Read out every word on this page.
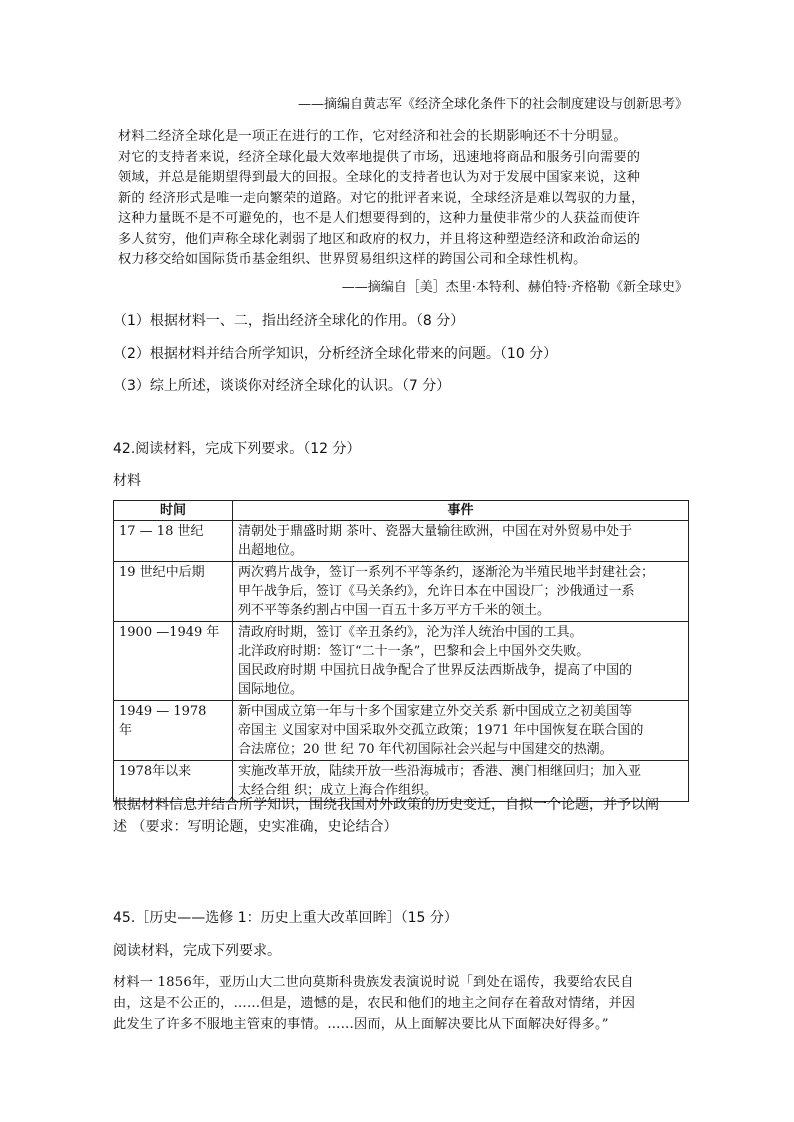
——摘编自黄志军《经济全球化条件下的社会制度建设与创新思考》
材料二经济全球化是一项正在进行的工作，它对经济和社会的长期影响还不十分明显。
对它的支持者来说，经济全球化最大效率地提供了市场，迅速地将商品和服务引向需要的
领域，并总是能期望得到最大的回报。全球化的支持者也认为对于发展中国家来说，这种
新的 经济形式是唯一走向繁荣的道路。对它的批评者来说，全球经济是难以驾驭的力量，
这种力量既不是不可避免的，也不是人们想要得到的，这种力量使非常少的人获益而使许
多人贫穷，他们声称全球化剥弱了地区和政府的权力，并且将这种塑造经济和政治命运的
权力移交给如国际货币基金组织、世界贸易组织这样的跨国公司和全球性机构。
——摘编自［美］杰里·本特利、赫伯特·齐格勒《新全球史》
（1）根据材料一、二，指出经济全球化的作用。（8 分）
（2）根据材料并结合所学知识，分析经济全球化带来的问题。（10 分）
（3）综上所述，谈谈你对经济全球化的认识。（7 分）
42.阅读材料，完成下列要求。（12 分）
材料
时间	事件

17 — 18 世纪	清朝处于鼎盛时期 茶叶、瓷器大量输往欧洲，中国在对外贸易中处于
出超地位。

19 世纪中后期	两次鸦片战争，签订一系列不平等条约，逐渐沦为半殖民地半封建社会；
甲午战争后，签订《马关条约》，允许日本在中国设厂；沙俄通过一系
列不平等条约割占中国一百五十多万平方千米的领土。

1900 —1949 年	清政府时期，签订《辛丑条约》，沦为洋人统治中国的工具。
北洋政府时期：签订“二十一条”，巴黎和会上中国外交失败。
国民政府时期 中国抗日战争配合了世界反法西斯战争，提高了中国的
国际地位。

1949 — 1978
年	新中国成立第一年与十多个国家建立外交关系 新中国成立之初美国等
帝国主 义国家对中国采取外交孤立政策；1971 年中国恢复在联合国的
合法席位；20 世 纪 70 年代初国际社会兴起与中国建交的热潮。

1978年以来	实施改革开放，陆续开放一些沿海城市；香港、澳门相继回归；加入亚
太经合组 织；成立上海合作组织。
根据材料信息并结合所学知识，围绕我国对外政策的历史变迁，自拟一个论题，并予以阐
述 （要求：写明论题，史实准确，史论结合）
45.［历史——选修 1：历史上重大改革回眸］（15 分）
阅读材料，完成下列要求。
材料一 1856年，亚历山大二世向莫斯科贵族发表演说时说「到处在谣传，我要给农民自
由，这是不公正的，……但是，遗憾的是，农民和他们的地主之间存在着敌对情绪，并因
此发生了许多不服地主管束的事情。……因而，从上面解决要比从下面解决好得多。”
